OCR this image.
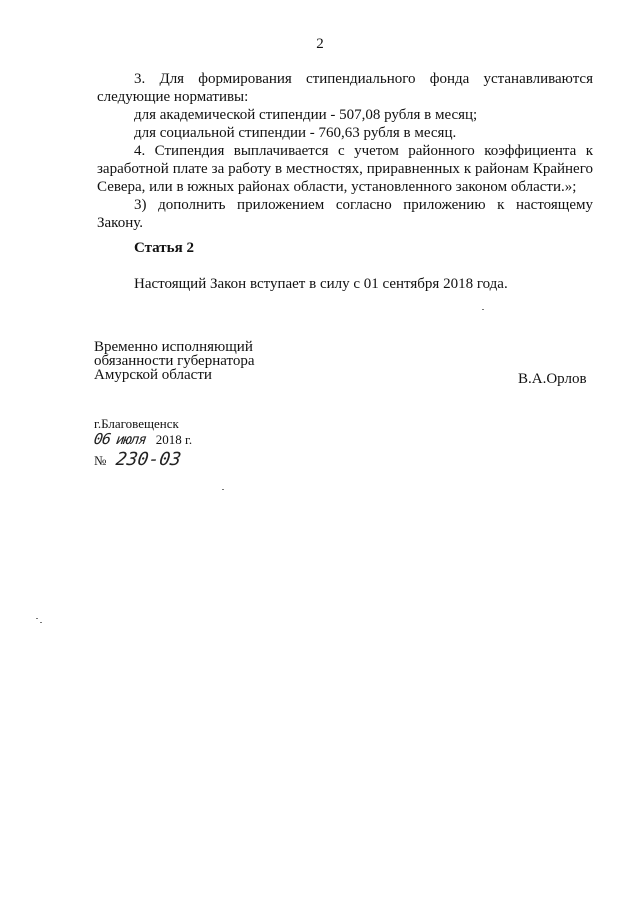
2

3. Для формирования стипендиального фонда устанавливаются

следующие нормативы:

для академической стипендии - 507,08 рубля в месяц;

для социальной стипендии - 760,63 рубля в месяц.

4. Стипендия выплачивается с учетом районного коэффициента к заработной плате за работу в местностях, приравненных к районам Крайнего Севера, или в южных районах области, установленного законом области.»;

3) дополнить приложением согласно приложению к настоящему Закону.

Статья 2
Настоящий Закон вступает в силу с 01 сентября 2018 года.
Временно исполняющий
обязанности губернатора
Амурской области	В.А.Орлов
г.Благовещенск
06 июля 2018 г.
№ 230-03
